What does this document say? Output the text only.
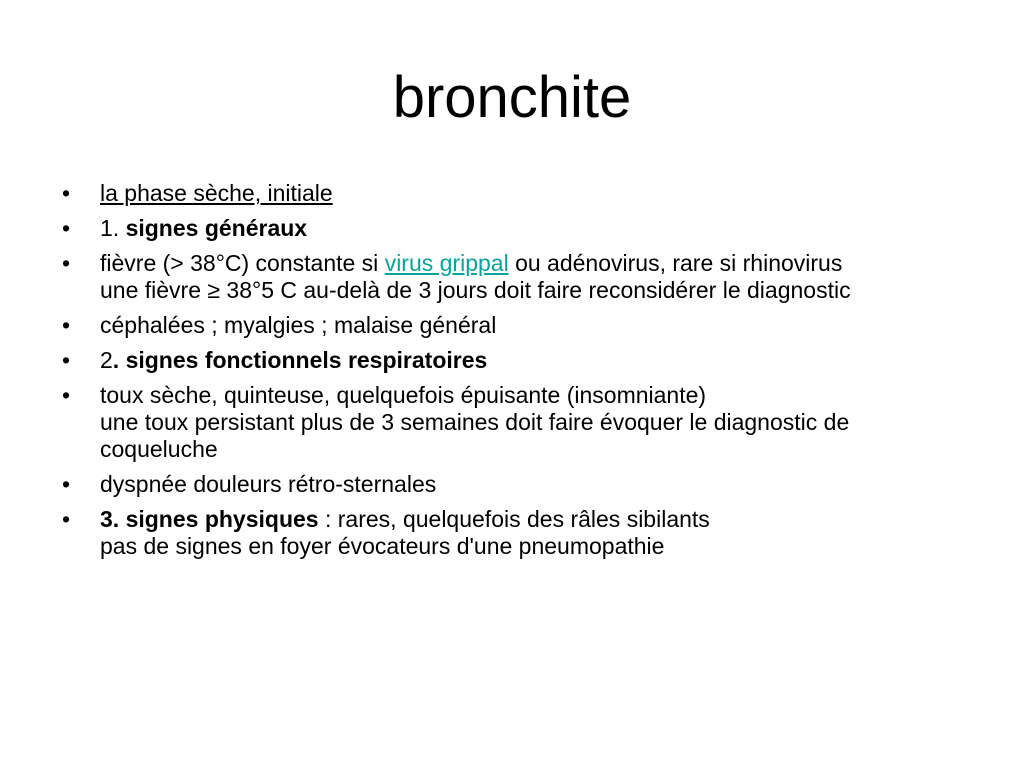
bronchite
• la phase sèche, initiale
• 1. signes généraux
• fièvre (> 38°C) constante si virus grippal ou adénovirus, rare si rhinovirus
une fièvre ≥ 38°5 C au-delà de 3 jours doit faire reconsidérer le diagnostic
• céphalées ; myalgies ; malaise général
• 2. signes fonctionnels respiratoires
• toux sèche, quinteuse, quelquefois épuisante (insomniante)
une toux persistant plus de 3 semaines doit faire évoquer le diagnostic de coqueluche
• dyspnée douleurs rétro-sternales
• 3. signes physiques : rares, quelquefois des râles sibilants
pas de signes en foyer évocateurs d'une pneumopathie
